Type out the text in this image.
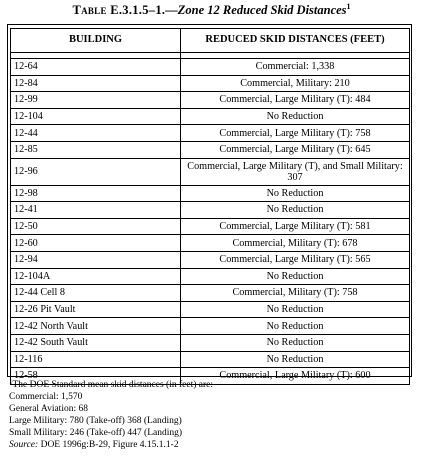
Table E.3.1.5–1.—Zone 12 Reduced Skid Distances$^1$
BUILDING	REDUCED SKID DISTANCES (FEET)

12-64	Commercial: 1,338
12-84	Commercial, Military: 210
12-99	Commercial, Large Military (T): 484
12-104	No Reduction
12-44	Commercial, Large Military (T): 758
12-85	Commercial, Large Military (T): 645
12-96	Commercial, Large Military (T), and Small Military: 307
12-98	No Reduction
12-41	No Reduction
12-50	Commercial, Large Military (T): 581
12-60	Commercial, Military (T): 678
12-94	Commercial, Large Military (T): 565
12-104A	No Reduction
12-44 Cell 8	Commercial, Military (T): 758
12-26 Pit Vault	No Reduction
12-42 North Vault	No Reduction
12-42 South Vault	No Reduction
12-116	No Reduction
12-58	Commercial, Large Military (T): 600
$^1$The DOE Standard mean skid distances (in feet) are:
Commercial: 1,570
General Aviation: 68
Large Military: 780 (Take-off) 368 (Landing)
Small Military: 246 (Take-off) 447 (Landing)
Source: DOE 1996g:B-29, Figure 4.15.1.1-2
